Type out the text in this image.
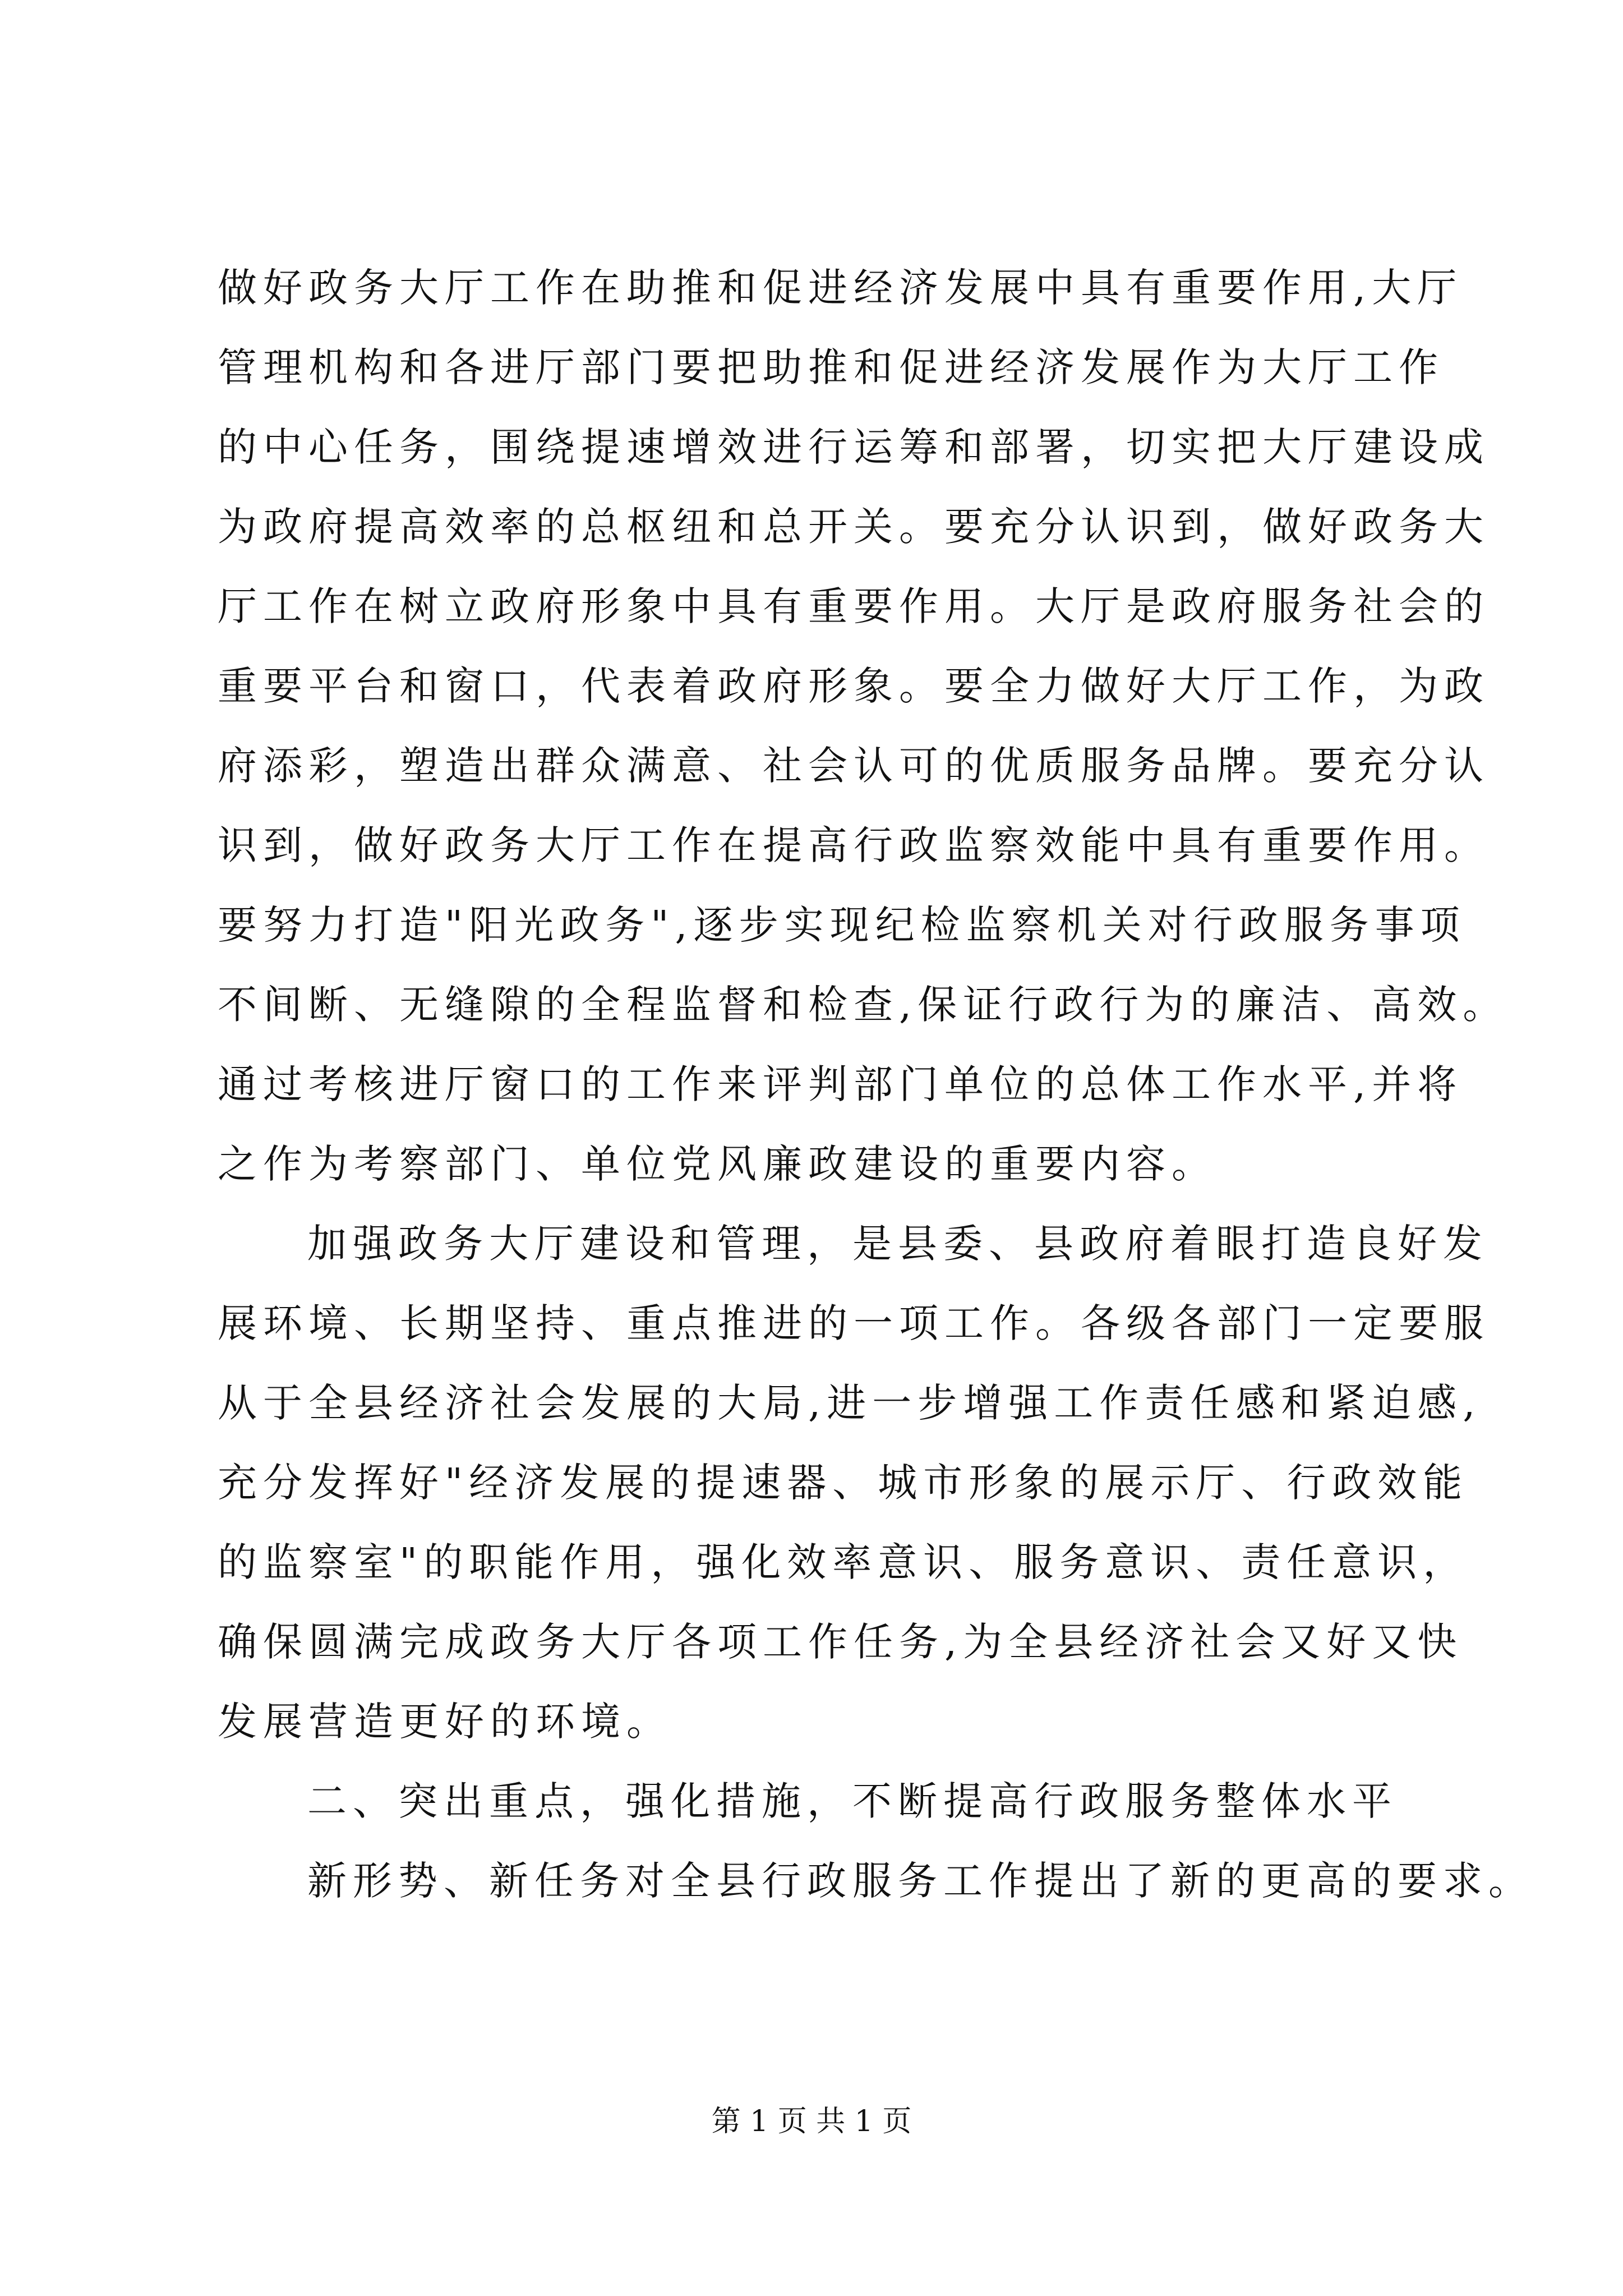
做好政务大厅工作在助推和促进经济发展中具有重要作用,大厅
管理机构和各进厅部门要把助推和促进经济发展作为大厅工作
的中心任务，围绕提速增效进行运筹和部署，切实把大厅建设成
为政府提高效率的总枢纽和总开关。要充分认识到，做好政务大
厅工作在树立政府形象中具有重要作用。大厅是政府服务社会的
重要平台和窗口，代表着政府形象。要全力做好大厅工作，为政
府添彩，塑造出群众满意、社会认可的优质服务品牌。要充分认
识到，做好政务大厅工作在提高行政监察效能中具有重要作用。
要努力打造"阳光政务",逐步实现纪检监察机关对行政服务事项
不间断、无缝隙的全程监督和检查,保证行政行为的廉洁、高效。
通过考核进厅窗口的工作来评判部门单位的总体工作水平,并将
之作为考察部门、单位党风廉政建设的重要内容。
加强政务大厅建设和管理，是县委、县政府着眼打造良好发
展环境、长期坚持、重点推进的一项工作。各级各部门一定要服
从于全县经济社会发展的大局,进一步增强工作责任感和紧迫感,
充分发挥好"经济发展的提速器、城市形象的展示厅、行政效能
的监察室"的职能作用，强化效率意识、服务意识、责任意识，
确保圆满完成政务大厅各项工作任务,为全县经济社会又好又快
发展营造更好的环境。
二、突出重点，强化措施，不断提高行政服务整体水平
新形势、新任务对全县行政服务工作提出了新的更高的要求。
第 1 页 共 1 页
